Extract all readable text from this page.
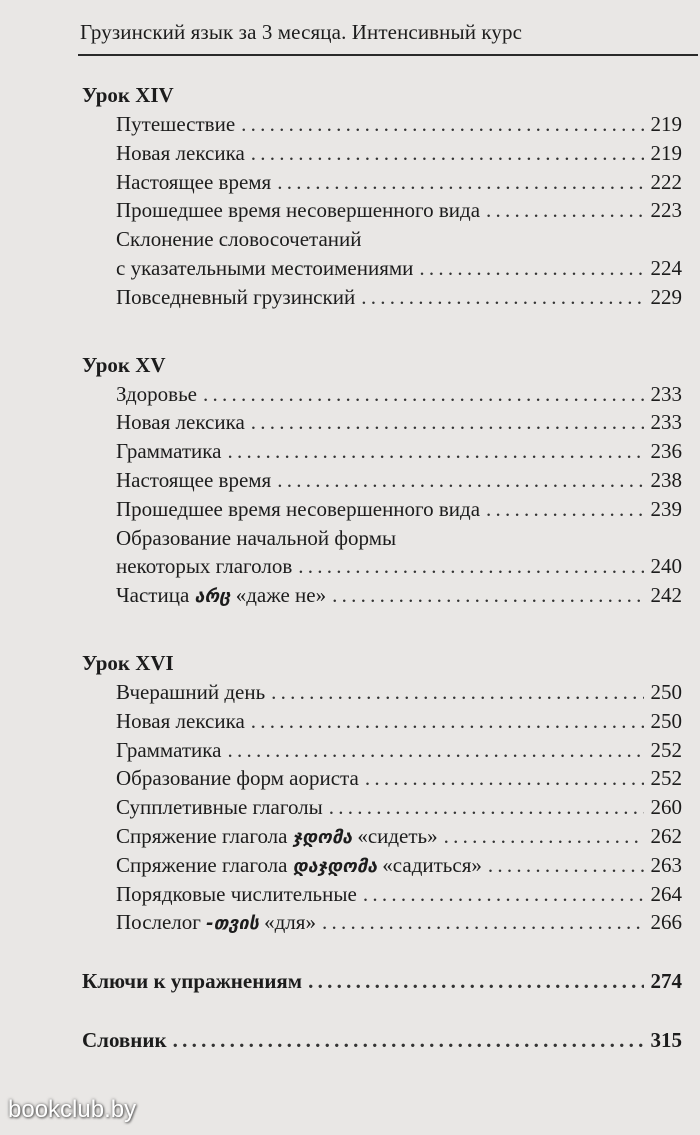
Грузинский язык за 3 месяца. Интенсивный курс
Урок XIV
Путешествие . . .	219
Новая лексика . . .	219
Настоящее время . . .	222
Прошедшее время несовершенного вида . . .	223
Склонение словосочетаний
с указательными местоимениями . . .	224
Повседневный грузинский . . .	229
Урок XV
Здоровье . . .	233
Новая лексика . . .	233
Грамматика . . .	236
Настоящее время . . .	238
Прошедшее время несовершенного вида . . .	239
Образование начальной формы
некоторых глаголов . . .	240
Частица არც «даже не» . . .	242
Урок XVI
Вчерашний день . . .	250
Новая лексика . . .	250
Грамматика . . .	252
Образование форм аориста . . .	252
Супплетивные глаголы . . .	260
Спряжение глагола ჯდომა «сидеть» . . .	262
Спряжение глагола დაჯდომა «садиться» . . .	263
Порядковые числительные . . .	264
Послелог -თვის «для» . . .	266
Ключи к упражнениям . . .	274
Словник . . .	315
bookclub.by
